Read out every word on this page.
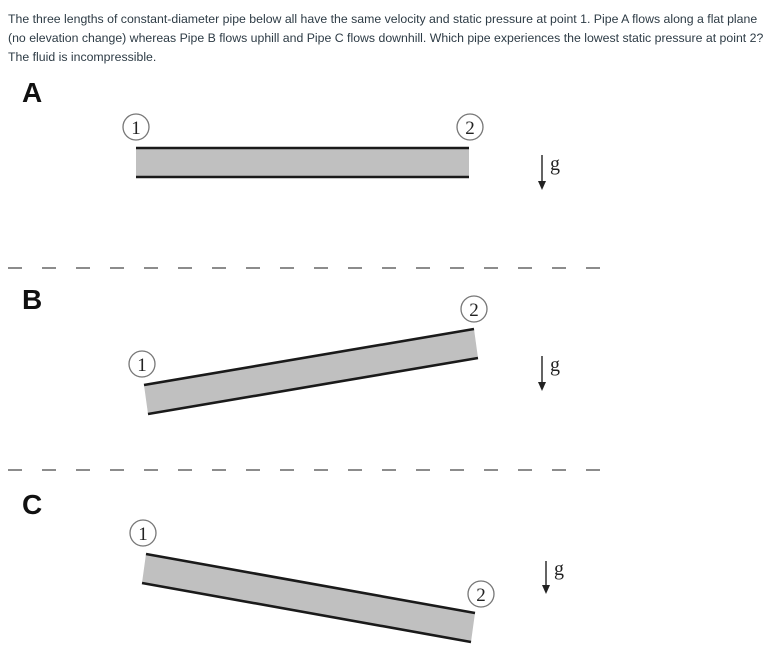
The three lengths of constant-diameter pipe below all have the same velocity and static pressure at point 1. Pipe A flows along a flat plane (no elevation change) whereas Pipe B flows uphill and Pipe C flows downhill. Which pipe experiences the lowest static pressure at point 2? The fluid is incompressible.
A
1	2
g
B
1
2
g
C
1
2
g
